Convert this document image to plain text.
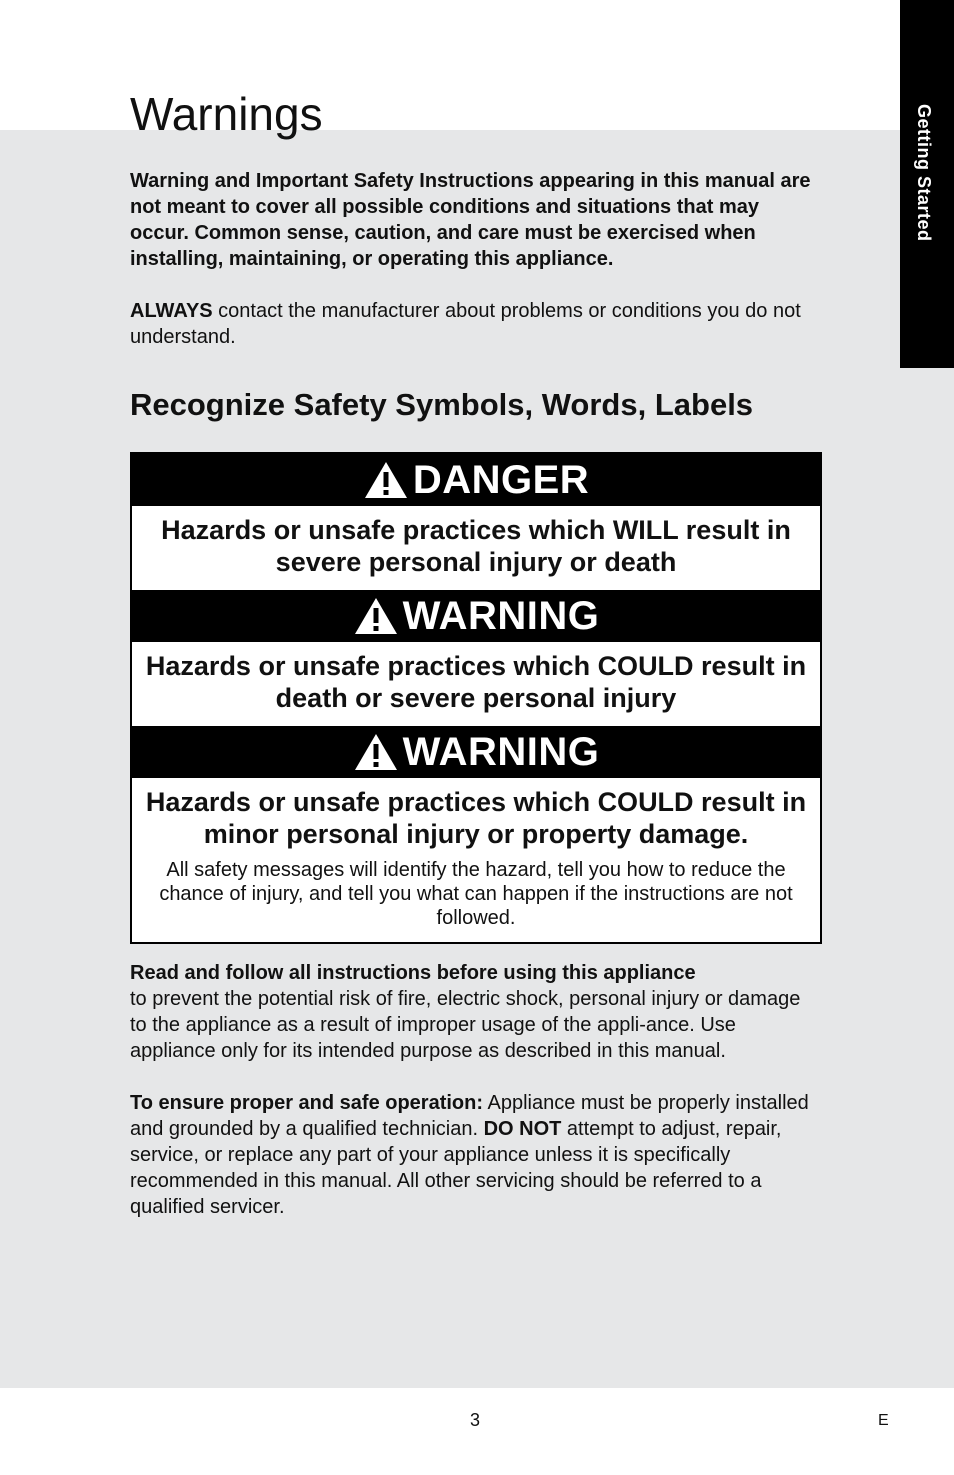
Getting Started
Warnings

Warning and Important Safety Instructions appearing in this manual are not meant to cover all possible conditions and situations that may occur. Common sense, caution, and care must be exercised when installing, maintaining, or operating this appliance.

ALWAYS contact the manufacturer about problems or conditions you do not understand.

Recognize Safety Symbols, Words, Labels
DANGER
Hazards or unsafe practices which WILL result in severe personal injury or death
WARNING
Hazards or unsafe practices which COULD result in death or severe personal injury
WARNING
Hazards or unsafe practices which COULD result in minor personal injury or property damage.
All safety messages will identify the hazard, tell you how to reduce the chance of injury, and tell you what can happen if the instructions are not followed.

Read and follow all instructions before using this appliance
to prevent the potential risk of fire, electric shock, personal injury or damage to the appliance as a result of improper usage of the appli-ance. Use appliance only for its intended purpose as described in this manual.

To ensure proper and safe operation: Appliance must be properly installed and grounded by a qualified technician. DO NOT attempt to adjust, repair, service, or replace any part of your appliance unless it is specifically recommended in this manual. All other servicing should be referred to a qualified servicer.

3	E
